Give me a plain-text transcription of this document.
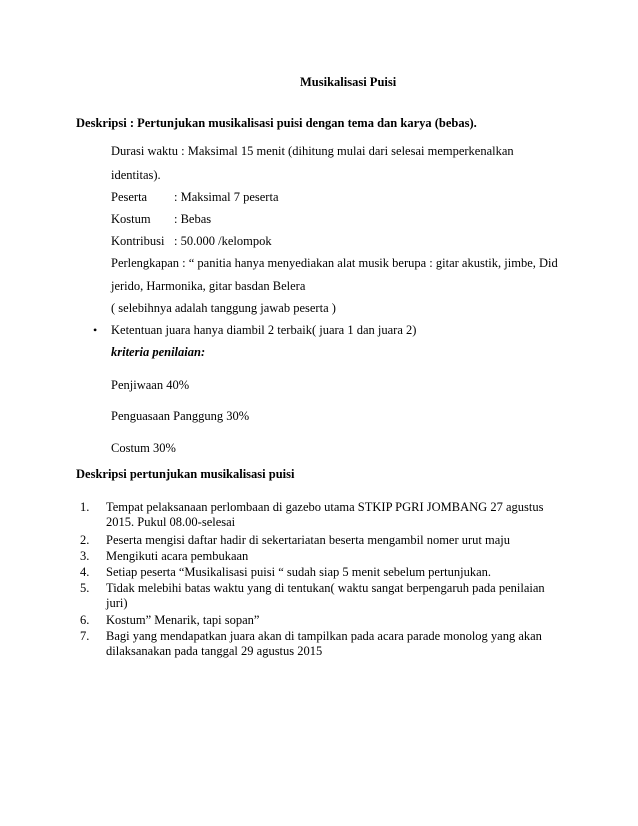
Musikalisasi Puisi
Deskripsi : Pertunjukan musikalisasi puisi dengan tema dan karya (bebas).
Durasi waktu : Maksimal 15 menit (dihitung mulai dari selesai memperkenalkan
identitas).
Peserta : Maksimal 7 peserta
Kostum : Bebas
Kontribusi : 50.000 /kelompok
Perlengkapan : “ panitia hanya menyediakan alat musik berupa : gitar akustik, jimbe, Did
jerido, Harmonika, gitar basdan Belera
( selebihnya adalah tanggung jawab peserta )
• Ketentuan juara hanya diambil 2 terbaik( juara 1 dan juara 2)
kriteria penilaian:
Penjiwaan 40%
Penguasaan Panggung 30%
Costum 30%
Deskripsi pertunjukan musikalisasi puisi
1.	Tempat pelaksanaan perlombaan di gazebo utama STKIP PGRI JOMBANG 27 agustus
2015. Pukul 08.00-selesai
2.	Peserta mengisi daftar hadir di sekertariatan beserta mengambil nomer urut maju
3.	Mengikuti acara pembukaan
4.	Setiap peserta “Musikalisasi puisi “ sudah siap 5 menit sebelum pertunjukan.
5.	Tidak melebihi batas waktu yang di tentukan( waktu sangat berpengaruh pada penilaian
juri)
6.	Kostum” Menarik, tapi sopan”
7.	Bagi yang mendapatkan juara akan di tampilkan pada acara parade monolog yang akan
dilaksanakan pada tanggal 29 agustus 2015
